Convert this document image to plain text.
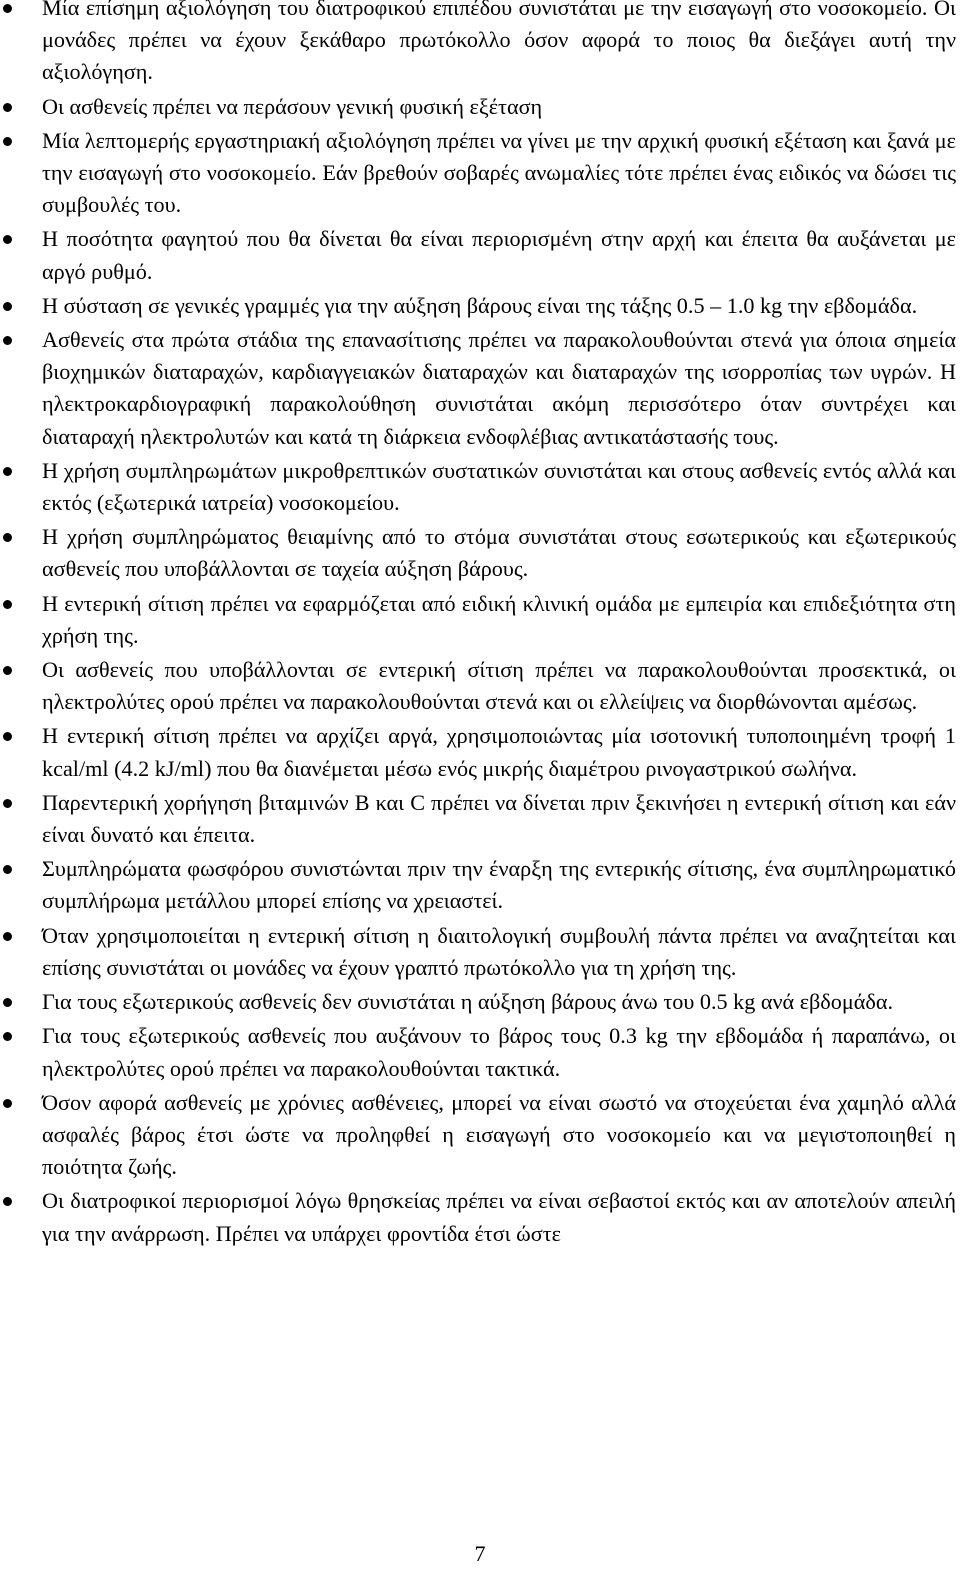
Μία επίσημη αξιολόγηση του διατροφικού επιπέδου συνιστάται με την εισαγωγή στο νοσοκομείο. Οι μονάδες πρέπει να έχουν ξεκάθαρο πρωτόκολλο όσον αφορά το ποιος θα διεξάγει αυτή την αξιολόγηση.
Οι ασθενείς πρέπει να περάσουν γενική φυσική εξέταση
Μία λεπτομερής εργαστηριακή αξιολόγηση πρέπει να γίνει με την αρχική φυσική εξέταση και ξανά με την εισαγωγή στο νοσοκομείο. Εάν βρεθούν σοβαρές ανωμαλίες τότε πρέπει ένας ειδικός να δώσει τις συμβουλές του.
Η ποσότητα φαγητού που θα δίνεται θα είναι περιορισμένη στην αρχή και έπειτα θα αυξάνεται με αργό ρυθμό.
Η σύσταση σε γενικές γραμμές για την αύξηση βάρους είναι της τάξης 0.5 – 1.0 kg την εβδομάδα.
Ασθενείς στα πρώτα στάδια της επανασίτισης πρέπει να παρακολουθούνται στενά για όποια σημεία βιοχημικών διαταραχών, καρδιαγγειακών διαταραχών και διαταραχών της ισορροπίας των υγρών. Η ηλεκτροκαρδιογραφική παρακολούθηση συνιστάται ακόμη περισσότερο όταν συντρέχει και διαταραχή ηλεκτρολυτών και κατά τη διάρκεια ενδοφλέβιας αντικατάστασής τους.
Η χρήση συμπληρωμάτων μικροθρεπτικών συστατικών συνιστάται και στους ασθενείς εντός αλλά και εκτός (εξωτερικά ιατρεία) νοσοκομείου.
Η χρήση συμπληρώματος θειαμίνης από το στόμα συνιστάται στους εσωτερικούς και εξωτερικούς ασθενείς που υποβάλλονται σε ταχεία αύξηση βάρους.
Η εντερική σίτιση πρέπει να εφαρμόζεται από ειδική κλινική ομάδα με εμπειρία και επιδεξιότητα στη χρήση της.
Οι ασθενείς που υποβάλλονται σε εντερική σίτιση πρέπει να παρακολουθούνται προσεκτικά, οι ηλεκτρολύτες ορού πρέπει να παρακολουθούνται στενά και οι ελλείψεις να διορθώνονται αμέσως.
Η εντερική σίτιση πρέπει να αρχίζει αργά, χρησιμοποιώντας μία ισοτονική τυποποιημένη τροφή 1 kcal/ml (4.2 kJ/ml) που θα διανέμεται μέσω ενός μικρής διαμέτρου ρινογαστρικού σωλήνα.
Παρεντερική χορήγηση βιταμινών Β και C πρέπει να δίνεται πριν ξεκινήσει η εντερική σίτιση και εάν είναι δυνατό και έπειτα.
Συμπληρώματα φωσφόρου συνιστώνται πριν την έναρξη της εντερικής σίτισης, ένα συμπληρωματικό συμπλήρωμα μετάλλου μπορεί επίσης να χρειαστεί.
Όταν χρησιμοποιείται η εντερική σίτιση η διαιτολογική συμβουλή πάντα πρέπει να αναζητείται και επίσης συνιστάται οι μονάδες να έχουν γραπτό πρωτόκολλο για τη χρήση της.
Για τους εξωτερικούς ασθενείς δεν συνιστάται η αύξηση βάρους άνω του 0.5 kg ανά εβδομάδα.
Για τους εξωτερικούς ασθενείς που αυξάνουν το βάρος τους 0.3 kg την εβδομάδα ή παραπάνω, οι ηλεκτρολύτες ορού πρέπει να παρακολουθούνται τακτικά.
Όσον αφορά ασθενείς με χρόνιες ασθένειες, μπορεί να είναι σωστό να στοχεύεται ένα χαμηλό αλλά ασφαλές βάρος έτσι ώστε να προληφθεί η εισαγωγή στο νοσοκομείο και να μεγιστοποιηθεί η ποιότητα ζωής.
Οι διατροφικοί περιορισμοί λόγω θρησκείας πρέπει να είναι σεβαστοί εκτός και αν αποτελούν απειλή για την ανάρρωση. Πρέπει να υπάρχει φροντίδα έτσι ώστε
7
